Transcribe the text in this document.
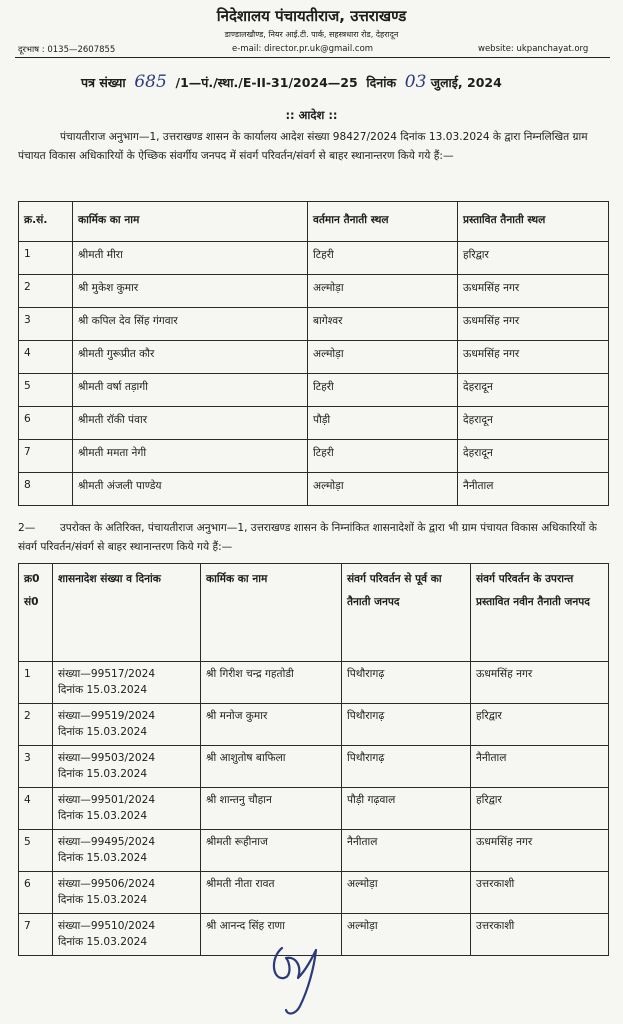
निदेशालय पंचायतीराज, उत्तराखण्ड
डाण्डालखौण्ड, नियर आई.टी. पार्क, सहस्त्रधारा रोड, देहरादून
दूरभाष : 0135—2607855	e-mail: director.pr.uk@gmail.com	website: ukpanchayat.org
पत्र संख्या 685 /1—पं./स्था./E-II-31/2024—25 दिनांक 03 जुलाई, 2024
:: आदेश ::
पंचायतीराज अनुभाग—1, उत्तराखण्ड शासन के कार्यालय आदेश संख्या 98427/2024 दिनांक 13.03.2024 के द्वारा निम्नलिखित ग्राम पंचायत विकास अधिकारियों के ऐच्छिक संवर्गीय जनपद में संवर्ग परिवर्तन/संवर्ग से बाहर स्थानान्तरण किये गये हैं:—
क्र.सं.	कार्मिक का नाम	वर्तमान तैनाती स्थल	प्रस्तावित तैनाती स्थल
1	श्रीमती मीरा	टिहरी	हरिद्वार
2	श्री मुकेश कुमार	अल्मोड़ा	ऊधमसिंह नगर
3	श्री कपिल देव सिंह गंगवार	बागेश्वर	ऊधमसिंह नगर
4	श्रीमती गुरूप्रीत कौर	अल्मोड़ा	ऊधमसिंह नगर
5	श्रीमती वर्षा तड़ागी	टिहरी	देहरादून
6	श्रीमती रॉकी पंवार	पौड़ी	देहरादून
7	श्रीमती ममता नेगी	टिहरी	देहरादून
8	श्रीमती अंजली पाण्डेय	अल्मोड़ा	नैनीताल
2— उपरोक्त के अतिरिक्त, पंचायतीराज अनुभाग—1, उत्तराखण्ड शासन के निम्नांकित शासनादेशों के द्वारा भी ग्राम पंचायत विकास अधिकारियों के संवर्ग परिवर्तन/संवर्ग से बाहर स्थानान्तरण किये गये हैं:—
क्र0 सं0	शासनादेश संख्या व दिनांक	कार्मिक का नाम	संवर्ग परिवर्तन से पूर्व का तैनाती जनपद	संवर्ग परिवर्तन के उपरान्त प्रस्तावित नवीन तैनाती जनपद
1	संख्या—99517/2024
दिनांक 15.03.2024	श्री गिरीश चन्द्र गहतोडी	पिथौरागढ़	ऊधमसिंह नगर
2	संख्या—99519/2024
दिनांक 15.03.2024	श्री मनोज कुमार	पिथौरागढ़	हरिद्वार
3	संख्या—99503/2024
दिनांक 15.03.2024	श्री आशुतोष बाफिला	पिथौरागढ़	नैनीताल
4	संख्या—99501/2024
दिनांक 15.03.2024	श्री शान्तनु चौहान	पौड़ी गढ़वाल	हरिद्वार
5	संख्या—99495/2024
दिनांक 15.03.2024	श्रीमती रूहीनाज	नैनीताल	ऊधमसिंह नगर
6	संख्या—99506/2024
दिनांक 15.03.2024	श्रीमती नीता रावत	अल्मोड़ा	उत्तरकाशी
7	संख्या—99510/2024
दिनांक 15.03.2024	श्री आनन्द सिंह राणा	अल्मोड़ा	उत्तरकाशी
